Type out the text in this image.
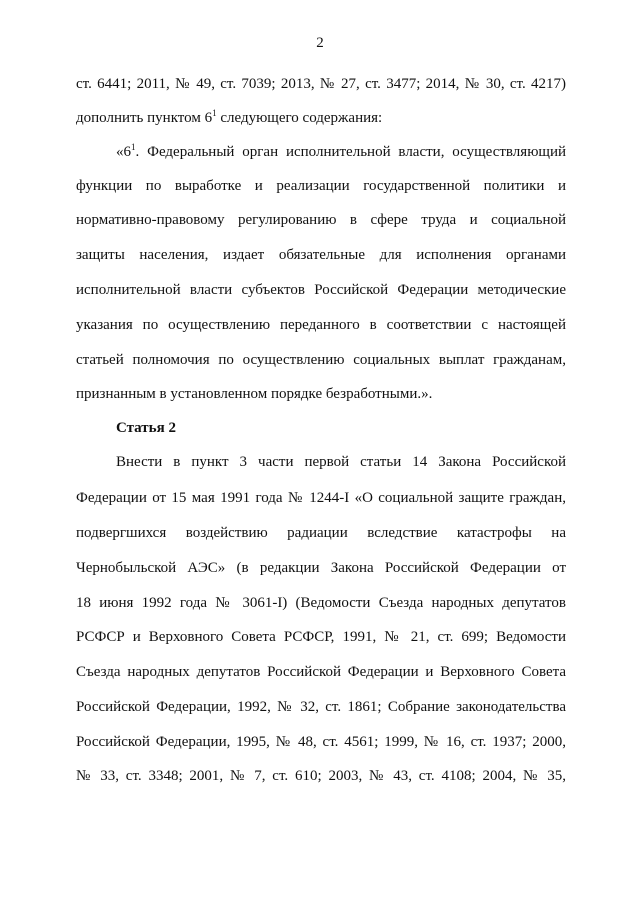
2
ст. 6441; 2011, № 49, ст. 7039; 2013, № 27, ст. 3477; 2014, № 30, ст. 4217)
дополнить пунктом $6^1$ следующего содержания:
«$6^1$. Федеральный орган исполнительной власти, осуществляющий
функции по выработке и реализации государственной политики и
нормативно-правовому регулированию в сфере труда и социальной
защиты населения, издает обязательные для исполнения органами
исполнительной власти субъектов Российской Федерации методические
указания по осуществлению переданного в соответствии с настоящей
статьей полномочия по осуществлению социальных выплат гражданам,
признанным в установленном порядке безработными.».
Статья 2
Внести в пункт 3 части первой статьи 14 Закона Российской
Федерации от 15 мая 1991 года № 1244-I «О социальной защите граждан,
подвергшихся воздействию радиации вследствие катастрофы на
Чернобыльской АЭС» (в редакции Закона Российской Федерации от
18 июня 1992 года № 3061-I) (Ведомости Съезда народных депутатов
РСФСР и Верховного Совета РСФСР, 1991, № 21, ст. 699; Ведомости
Съезда народных депутатов Российской Федерации и Верховного Совета
Российской Федерации, 1992, № 32, ст. 1861; Собрание законодательства
Российской Федерации, 1995, № 48, ст. 4561; 1999, № 16, ст. 1937; 2000,
№ 33, ст. 3348; 2001, № 7, ст. 610; 2003, № 43, ст. 4108; 2004, № 35,
